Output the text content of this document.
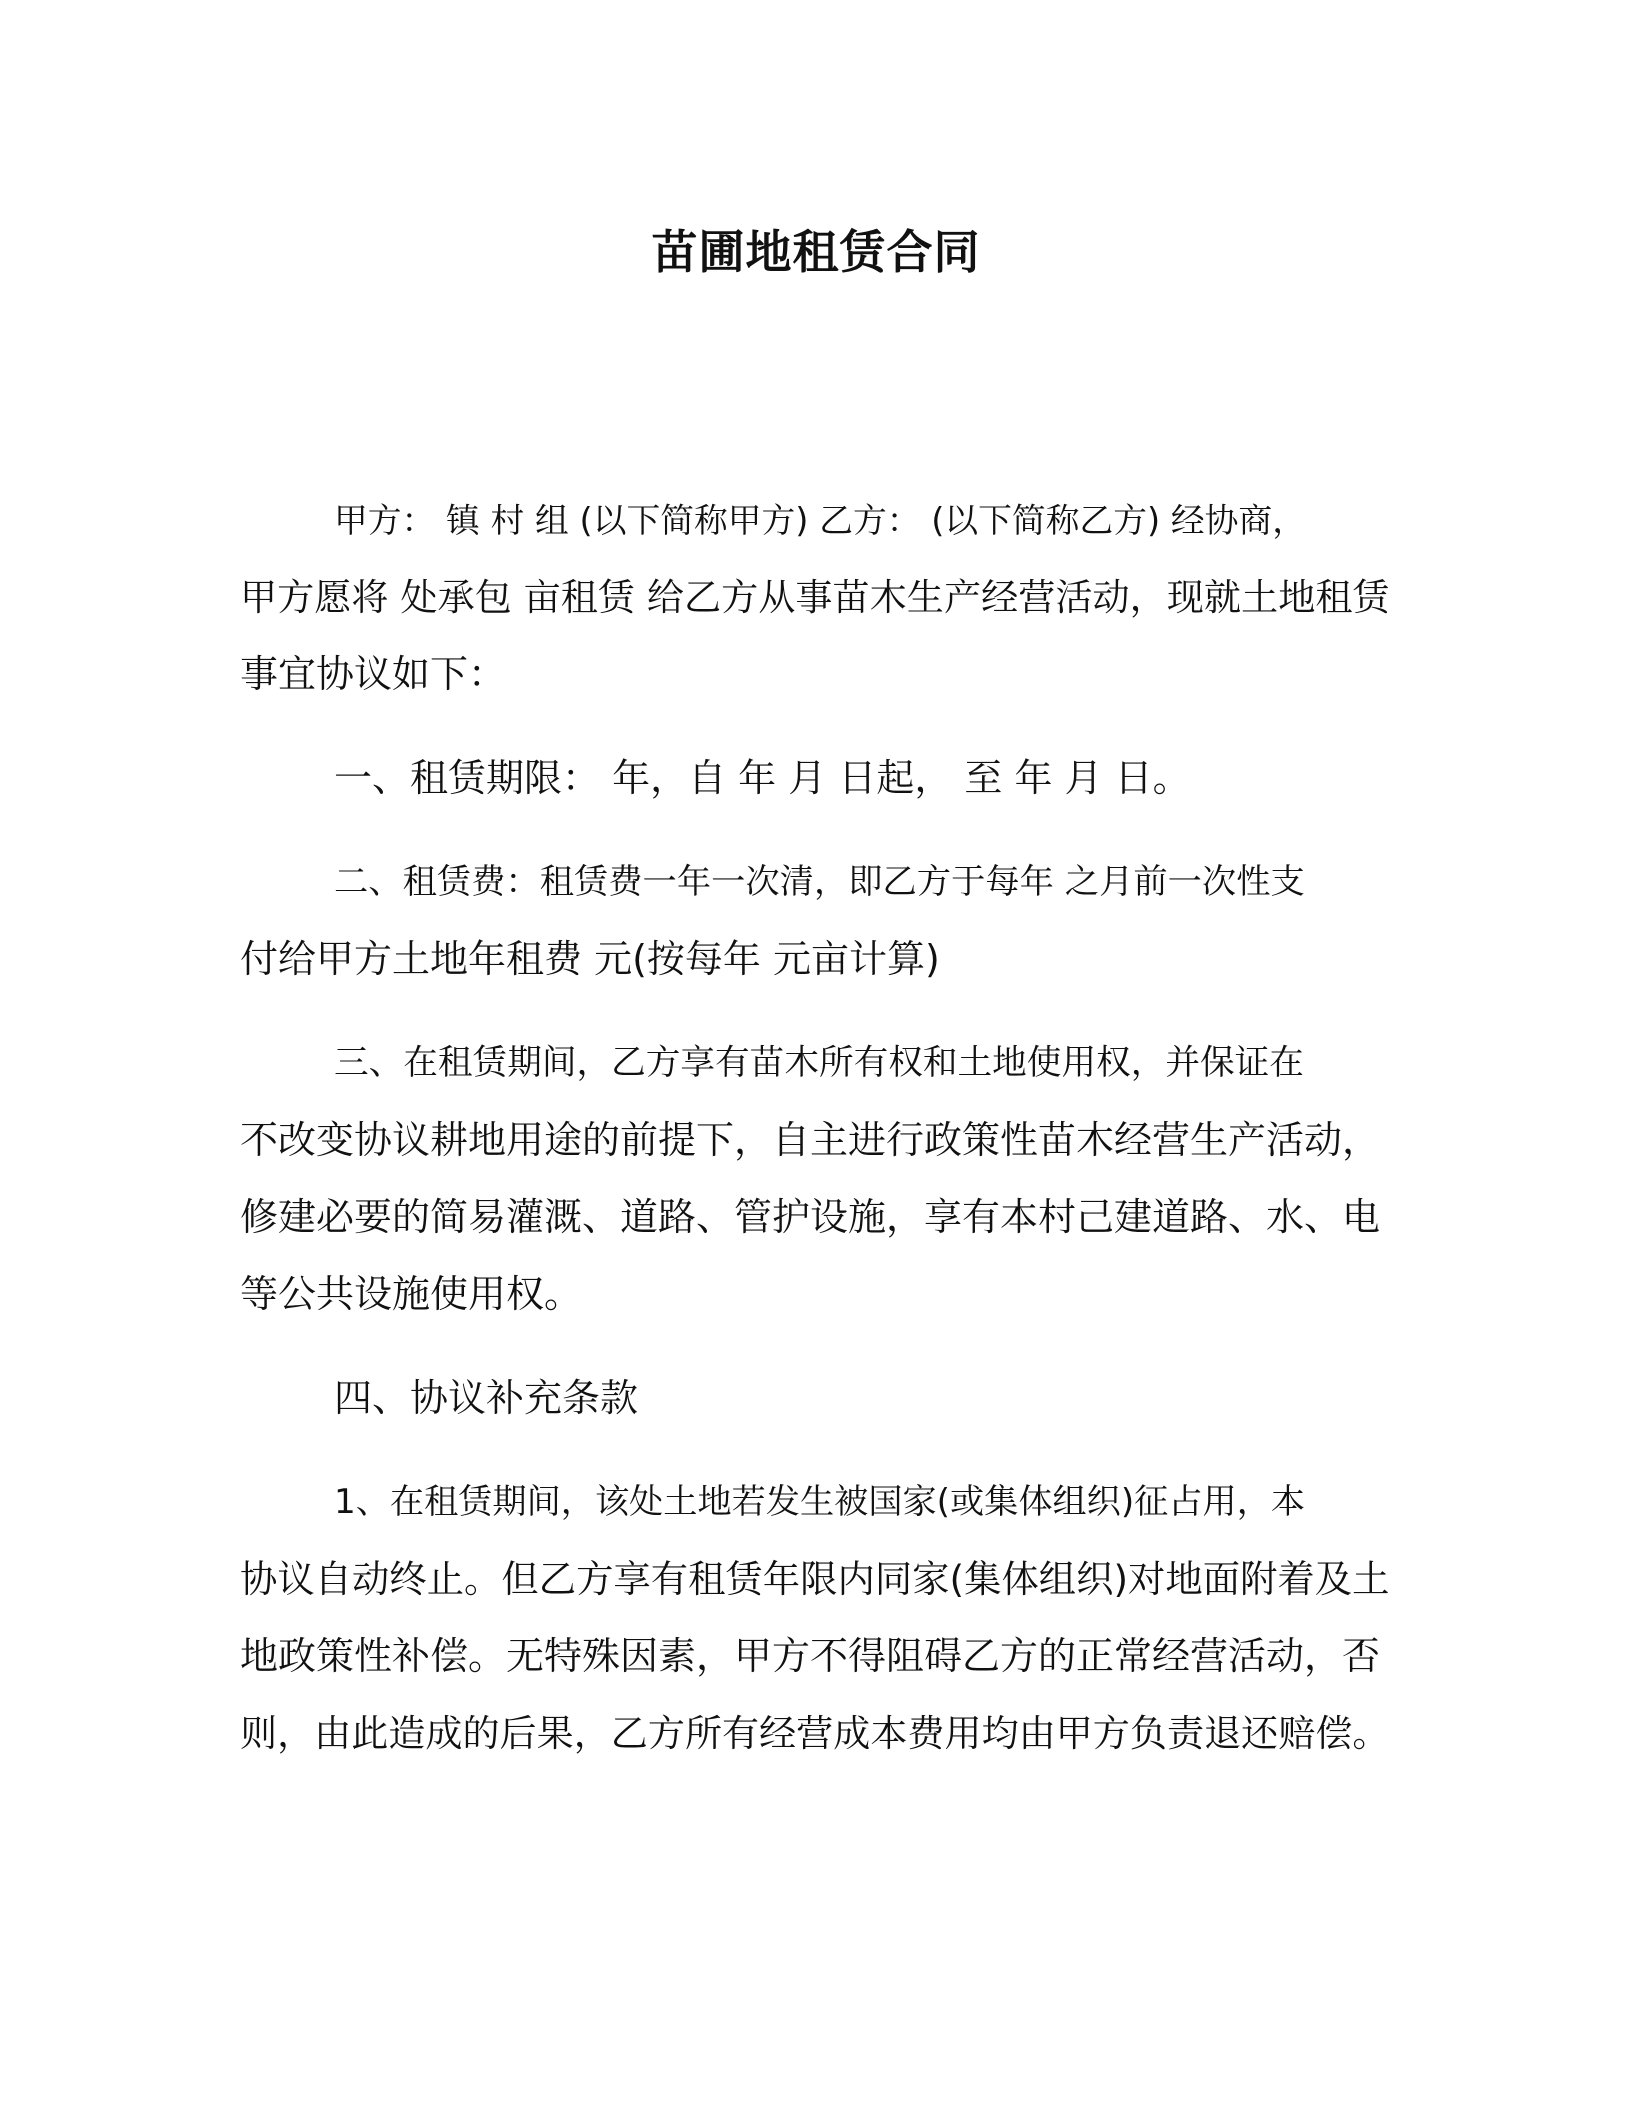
苗圃地租赁合同

甲方： 镇 村 组 (以下简称甲方) 乙方： (以下简称乙方) 经协商，
甲方愿将 处承包 亩租赁 给乙方从事苗木生产经营活动，现就土地租赁
事宜协议如下：

一、租赁期限： 年，自 年 月 日起， 至 年 月 日。

二、租赁费：租赁费一年一次清，即乙方于每年 之月前一次性支
付给甲方土地年租费 元(按每年 元亩计算)

三、在租赁期间，乙方享有苗木所有权和土地使用权，并保证在
不改变协议耕地用途的前提下，自主进行政策性苗木经营生产活动，
修建必要的简易灌溉、道路、管护设施，享有本村己建道路、水、电
等公共设施使用权。

四、协议补充条款

1、在租赁期间，该处土地若发生被国家(或集体组织)征占用，本
协议自动终止。但乙方享有租赁年限内同家(集体组织)对地面附着及土
地政策性补偿。无特殊因素，甲方不得阻碍乙方的正常经营活动，否
则，由此造成的后果，乙方所有经营成本费用均由甲方负责退还赔偿。
